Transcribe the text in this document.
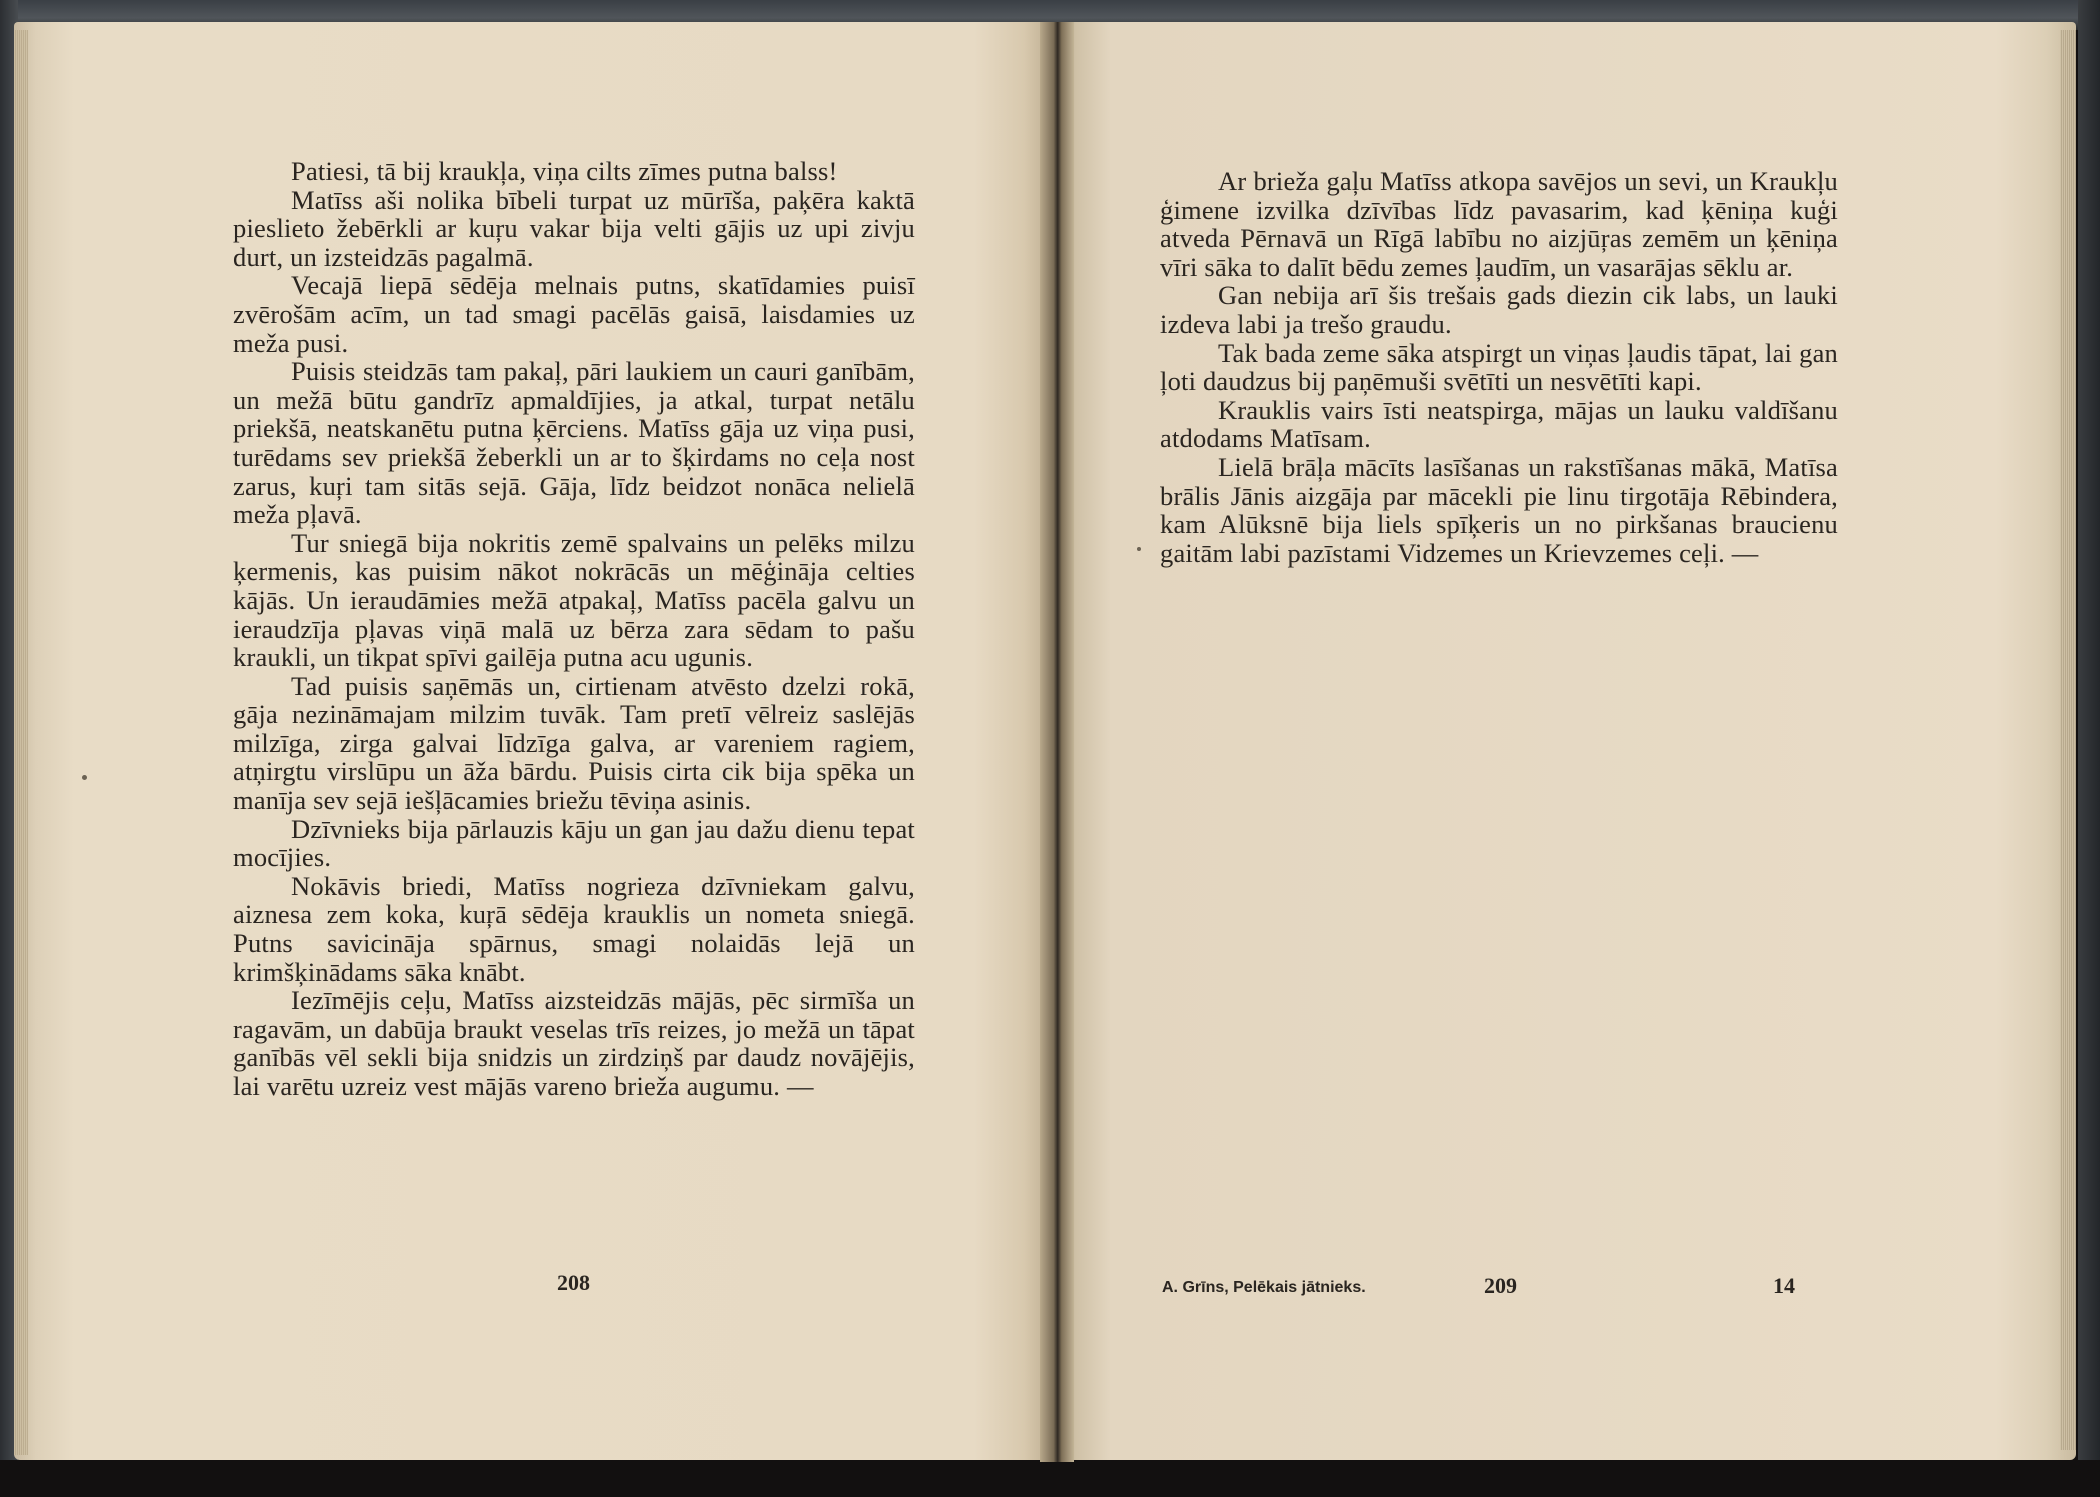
Patiesi, tā bij kraukļa, viņa cilts zīmes putna balss!

Matīss aši nolika bībeli turpat uz mūrīša, paķēra kaktā pieslieto žebērkli ar kuŗu vakar bija velti gājis uz upi zivju durt, un izsteidzās pagalmā.

Vecajā liepā sēdēja melnais putns, skatīdamies puisī zvērošām acīm, un tad smagi pacēlās gaisā, laisdamies uz meža pusi.

Puisis steidzās tam pakaļ, pāri laukiem un cauri ganībām, un mežā būtu gandrīz apmaldījies, ja atkal, turpat netālu priekšā, neatskanētu putna ķērciens. Matīss gāja uz viņa pusi, turēdams sev priekšā žeberkli un ar to šķirdams no ceļa nost zarus, kuŗi tam sitās sejā. Gāja, līdz beidzot nonāca nelielā meža pļavā.

Tur sniegā bija nokritis zemē spalvains un pelēks milzu ķermenis, kas puisim nākot nokrācās un mēģināja celties kājās. Un ieraudāmies mežā atpakaļ, Matīss pacēla galvu un ieraudzīja pļavas viņā malā uz bērza zara sēdam to pašu kraukli, un tikpat spīvi gailēja putna acu ugunis.

Tad puisis saņēmās un, cirtienam atvēsto dzelzi rokā, gāja nezināmajam milzim tuvāk. Tam pretī vēlreiz saslējās milzīga, zirga galvai līdzīga galva, ar vareniem ragiem, atņirgtu virslūpu un āža bārdu. Puisis cirta cik bija spēka un manīja sev sejā iešļācamies briežu tēviņa asinis.

Dzīvnieks bija pārlauzis kāju un gan jau dažu dienu tepat mocījies.

Nokāvis briedi, Matīss nogrieza dzīvniekam galvu, aiznesa zem koka, kuŗā sēdēja krauklis un nometa sniegā. Putns savicināja spārnus, smagi nolaidās lejā un krimšķinādams sāka knābt.

Iezīmējis ceļu, Matīss aizsteidzās mājās, pēc sirmīša un ragavām, un dabūja braukt veselas trīs reizes, jo mežā un tāpat ganībās vēl sekli bija snidzis un zirdziņš par daudz novājējis, lai varētu uzreiz vest mājās vareno brieža augumu. —

Ar brieža gaļu Matīss atkopa savējos un sevi, un Kraukļu ģimene izvilka dzīvības līdz pavasarim, kad ķēniņa kuģi atveda Pērnavā un Rīgā labību no aizjūŗas zemēm un ķēniņa vīri sāka to dalīt bēdu zemes ļaudīm, un vasarājas sēklu ar.

Gan nebija arī šis trešais gads diezin cik labs, un lauki izdeva labi ja trešo graudu.

Tak bada zeme sāka atspirgt un viņas ļaudis tāpat, lai gan ļoti daudzus bij paņēmuši svētīti un nesvētīti kapi.

Krauklis vairs īsti neatspirga, mājas un lauku valdīšanu atdodams Matīsam.

Lielā brāļa mācīts lasīšanas un rakstīšanas mākā, Matīsa brālis Jānis aizgāja par mācekli pie linu tirgotāja Rēbindera, kam Alūksnē bija liels spīķeris un no pirkšanas braucienu gaitām labi pazīstami Vidzemes un Krievzemes ceļi. —

208	A. Grīns, Pelēkais jātnieks.	209	14
